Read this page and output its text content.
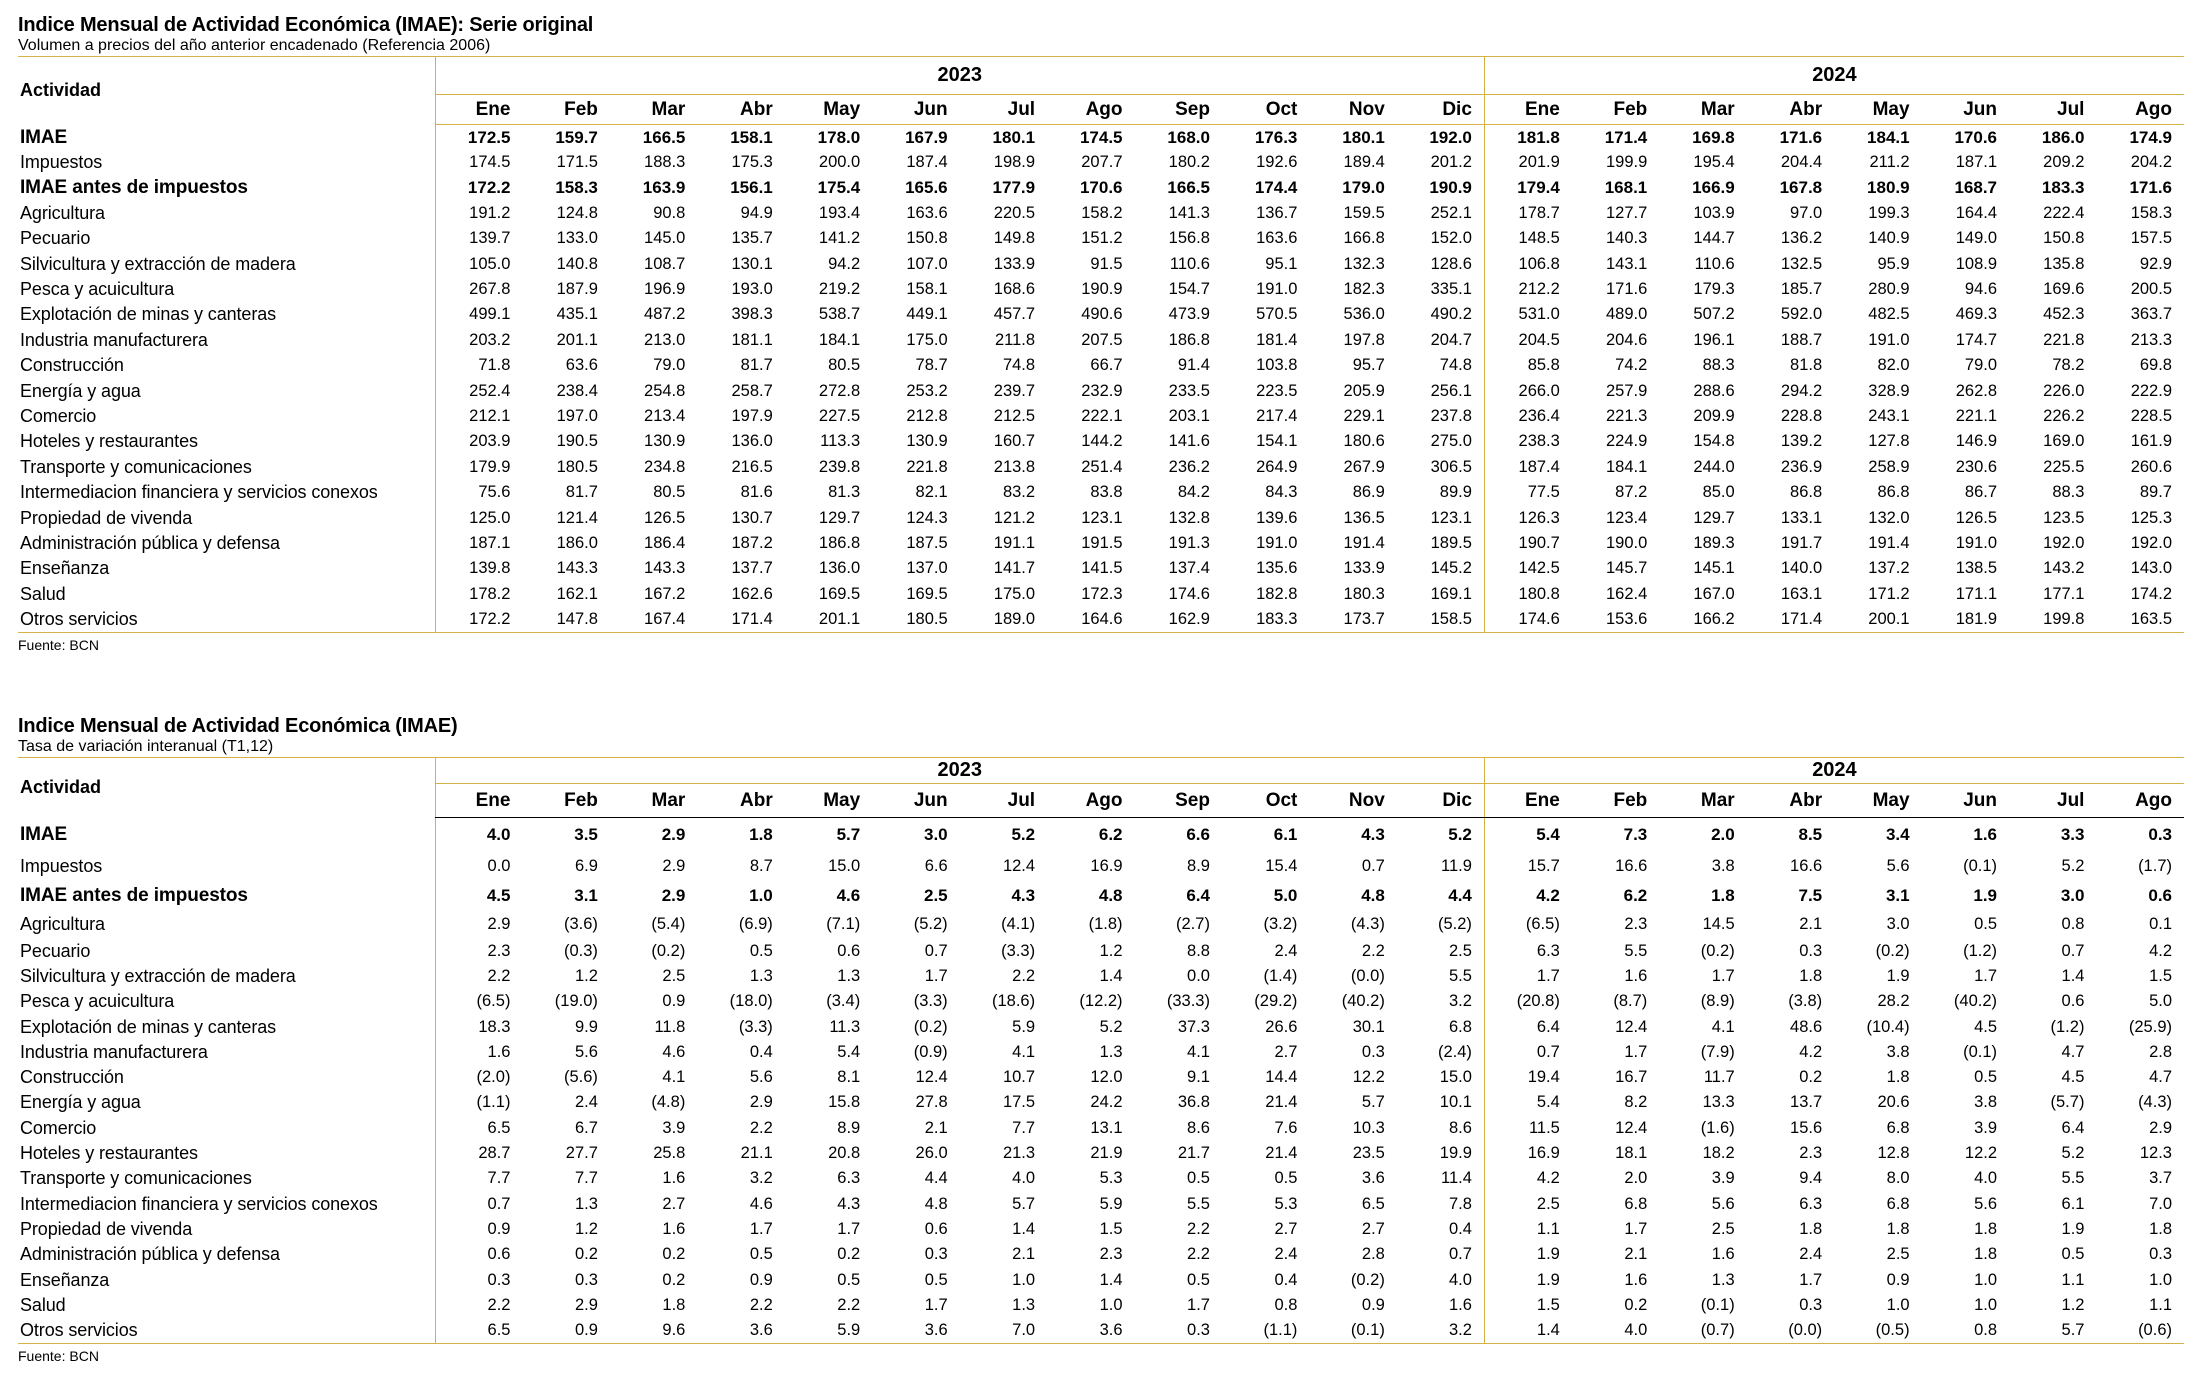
Indice Mensual de Actividad Económica (IMAE): Serie original
Volumen a precios del año anterior encadenado (Referencia 2006)
Actividad	2023												2024							
	Ene	Feb	Mar	Abr	May	Jun	Jul	Ago	Sep	Oct	Nov	Dic	Ene	Feb	Mar	Abr	May	Jun	Jul	Ago
IMAE	172.5	159.7	166.5	158.1	178.0	167.9	180.1	174.5	168.0	176.3	180.1	192.0	181.8	171.4	169.8	171.6	184.1	170.6	186.0	174.9
Impuestos	174.5	171.5	188.3	175.3	200.0	187.4	198.9	207.7	180.2	192.6	189.4	201.2	201.9	199.9	195.4	204.4	211.2	187.1	209.2	204.2
IMAE antes de impuestos	172.2	158.3	163.9	156.1	175.4	165.6	177.9	170.6	166.5	174.4	179.0	190.9	179.4	168.1	166.9	167.8	180.9	168.7	183.3	171.6
Agricultura	191.2	124.8	90.8	94.9	193.4	163.6	220.5	158.2	141.3	136.7	159.5	252.1	178.7	127.7	103.9	97.0	199.3	164.4	222.4	158.3
Pecuario	139.7	133.0	145.0	135.7	141.2	150.8	149.8	151.2	156.8	163.6	166.8	152.0	148.5	140.3	144.7	136.2	140.9	149.0	150.8	157.5
Silvicultura y extracción de madera	105.0	140.8	108.7	130.1	94.2	107.0	133.9	91.5	110.6	95.1	132.3	128.6	106.8	143.1	110.6	132.5	95.9	108.9	135.8	92.9
Pesca y acuicultura	267.8	187.9	196.9	193.0	219.2	158.1	168.6	190.9	154.7	191.0	182.3	335.1	212.2	171.6	179.3	185.7	280.9	94.6	169.6	200.5
Explotación de minas y canteras	499.1	435.1	487.2	398.3	538.7	449.1	457.7	490.6	473.9	570.5	536.0	490.2	531.0	489.0	507.2	592.0	482.5	469.3	452.3	363.7
Industria manufacturera	203.2	201.1	213.0	181.1	184.1	175.0	211.8	207.5	186.8	181.4	197.8	204.7	204.5	204.6	196.1	188.7	191.0	174.7	221.8	213.3
Construcción	71.8	63.6	79.0	81.7	80.5	78.7	74.8	66.7	91.4	103.8	95.7	74.8	85.8	74.2	88.3	81.8	82.0	79.0	78.2	69.8
Energía y agua	252.4	238.4	254.8	258.7	272.8	253.2	239.7	232.9	233.5	223.5	205.9	256.1	266.0	257.9	288.6	294.2	328.9	262.8	226.0	222.9
Comercio	212.1	197.0	213.4	197.9	227.5	212.8	212.5	222.1	203.1	217.4	229.1	237.8	236.4	221.3	209.9	228.8	243.1	221.1	226.2	228.5
Hoteles y restaurantes	203.9	190.5	130.9	136.0	113.3	130.9	160.7	144.2	141.6	154.1	180.6	275.0	238.3	224.9	154.8	139.2	127.8	146.9	169.0	161.9
Transporte y comunicaciones	179.9	180.5	234.8	216.5	239.8	221.8	213.8	251.4	236.2	264.9	267.9	306.5	187.4	184.1	244.0	236.9	258.9	230.6	225.5	260.6
Intermediacion financiera y servicios conexos	75.6	81.7	80.5	81.6	81.3	82.1	83.2	83.8	84.2	84.3	86.9	89.9	77.5	87.2	85.0	86.8	86.8	86.7	88.3	89.7
Propiedad de vivenda	125.0	121.4	126.5	130.7	129.7	124.3	121.2	123.1	132.8	139.6	136.5	123.1	126.3	123.4	129.7	133.1	132.0	126.5	123.5	125.3
Administración pública y defensa	187.1	186.0	186.4	187.2	186.8	187.5	191.1	191.5	191.3	191.0	191.4	189.5	190.7	190.0	189.3	191.7	191.4	191.0	192.0	192.0
Enseñanza	139.8	143.3	143.3	137.7	136.0	137.0	141.7	141.5	137.4	135.6	133.9	145.2	142.5	145.7	145.1	140.0	137.2	138.5	143.2	143.0
Salud	178.2	162.1	167.2	162.6	169.5	169.5	175.0	172.3	174.6	182.8	180.3	169.1	180.8	162.4	167.0	163.1	171.2	171.1	177.1	174.2
Otros servicios	172.2	147.8	167.4	171.4	201.1	180.5	189.0	164.6	162.9	183.3	173.7	158.5	174.6	153.6	166.2	171.4	200.1	181.9	199.8	163.5
Fuente: BCN
Indice Mensual de Actividad Económica (IMAE)
Tasa de variación interanual (T1,12)
Actividad	2023												2024							
	Ene	Feb	Mar	Abr	May	Jun	Jul	Ago	Sep	Oct	Nov	Dic	Ene	Feb	Mar	Abr	May	Jun	Jul	Ago
IMAE	4.0	3.5	2.9	1.8	5.7	3.0	5.2	6.2	6.6	6.1	4.3	5.2	5.4	7.3	2.0	8.5	3.4	1.6	3.3	0.3
Impuestos	0.0	6.9	2.9	8.7	15.0	6.6	12.4	16.9	8.9	15.4	0.7	11.9	15.7	16.6	3.8	16.6	5.6	(0.1)	5.2	(1.7)
IMAE antes de impuestos	4.5	3.1	2.9	1.0	4.6	2.5	4.3	4.8	6.4	5.0	4.8	4.4	4.2	6.2	1.8	7.5	3.1	1.9	3.0	0.6
Agricultura	2.9	(3.6)	(5.4)	(6.9)	(7.1)	(5.2)	(4.1)	(1.8)	(2.7)	(3.2)	(4.3)	(5.2)	(6.5)	2.3	14.5	2.1	3.0	0.5	0.8	0.1
Pecuario	2.3	(0.3)	(0.2)	0.5	0.6	0.7	(3.3)	1.2	8.8	2.4	2.2	2.5	6.3	5.5	(0.2)	0.3	(0.2)	(1.2)	0.7	4.2
Silvicultura y extracción de madera	2.2	1.2	2.5	1.3	1.3	1.7	2.2	1.4	0.0	(1.4)	(0.0)	5.5	1.7	1.6	1.7	1.8	1.9	1.7	1.4	1.5
Pesca y acuicultura	(6.5)	(19.0)	0.9	(18.0)	(3.4)	(3.3)	(18.6)	(12.2)	(33.3)	(29.2)	(40.2)	3.2	(20.8)	(8.7)	(8.9)	(3.8)	28.2	(40.2)	0.6	5.0
Explotación de minas y canteras	18.3	9.9	11.8	(3.3)	11.3	(0.2)	5.9	5.2	37.3	26.6	30.1	6.8	6.4	12.4	4.1	48.6	(10.4)	4.5	(1.2)	(25.9)
Industria manufacturera	1.6	5.6	4.6	0.4	5.4	(0.9)	4.1	1.3	4.1	2.7	0.3	(2.4)	0.7	1.7	(7.9)	4.2	3.8	(0.1)	4.7	2.8
Construcción	(2.0)	(5.6)	4.1	5.6	8.1	12.4	10.7	12.0	9.1	14.4	12.2	15.0	19.4	16.7	11.7	0.2	1.8	0.5	4.5	4.7
Energía y agua	(1.1)	2.4	(4.8)	2.9	15.8	27.8	17.5	24.2	36.8	21.4	5.7	10.1	5.4	8.2	13.3	13.7	20.6	3.8	(5.7)	(4.3)
Comercio	6.5	6.7	3.9	2.2	8.9	2.1	7.7	13.1	8.6	7.6	10.3	8.6	11.5	12.4	(1.6)	15.6	6.8	3.9	6.4	2.9
Hoteles y restaurantes	28.7	27.7	25.8	21.1	20.8	26.0	21.3	21.9	21.7	21.4	23.5	19.9	16.9	18.1	18.2	2.3	12.8	12.2	5.2	12.3
Transporte y comunicaciones	7.7	7.7	1.6	3.2	6.3	4.4	4.0	5.3	0.5	0.5	3.6	11.4	4.2	2.0	3.9	9.4	8.0	4.0	5.5	3.7
Intermediacion financiera y servicios conexos	0.7	1.3	2.7	4.6	4.3	4.8	5.7	5.9	5.5	5.3	6.5	7.8	2.5	6.8	5.6	6.3	6.8	5.6	6.1	7.0
Propiedad de vivenda	0.9	1.2	1.6	1.7	1.7	0.6	1.4	1.5	2.2	2.7	2.7	0.4	1.1	1.7	2.5	1.8	1.8	1.8	1.9	1.8
Administración pública y defensa	0.6	0.2	0.2	0.5	0.2	0.3	2.1	2.3	2.2	2.4	2.8	0.7	1.9	2.1	1.6	2.4	2.5	1.8	0.5	0.3
Enseñanza	0.3	0.3	0.2	0.9	0.5	0.5	1.0	1.4	0.5	0.4	(0.2)	4.0	1.9	1.6	1.3	1.7	0.9	1.0	1.1	1.0
Salud	2.2	2.9	1.8	2.2	2.2	1.7	1.3	1.0	1.7	0.8	0.9	1.6	1.5	0.2	(0.1)	0.3	1.0	1.0	1.2	1.1
Otros servicios	6.5	0.9	9.6	3.6	5.9	3.6	7.0	3.6	0.3	(1.1)	(0.1)	3.2	1.4	4.0	(0.7)	(0.0)	(0.5)	0.8	5.7	(0.6)
Fuente: BCN
